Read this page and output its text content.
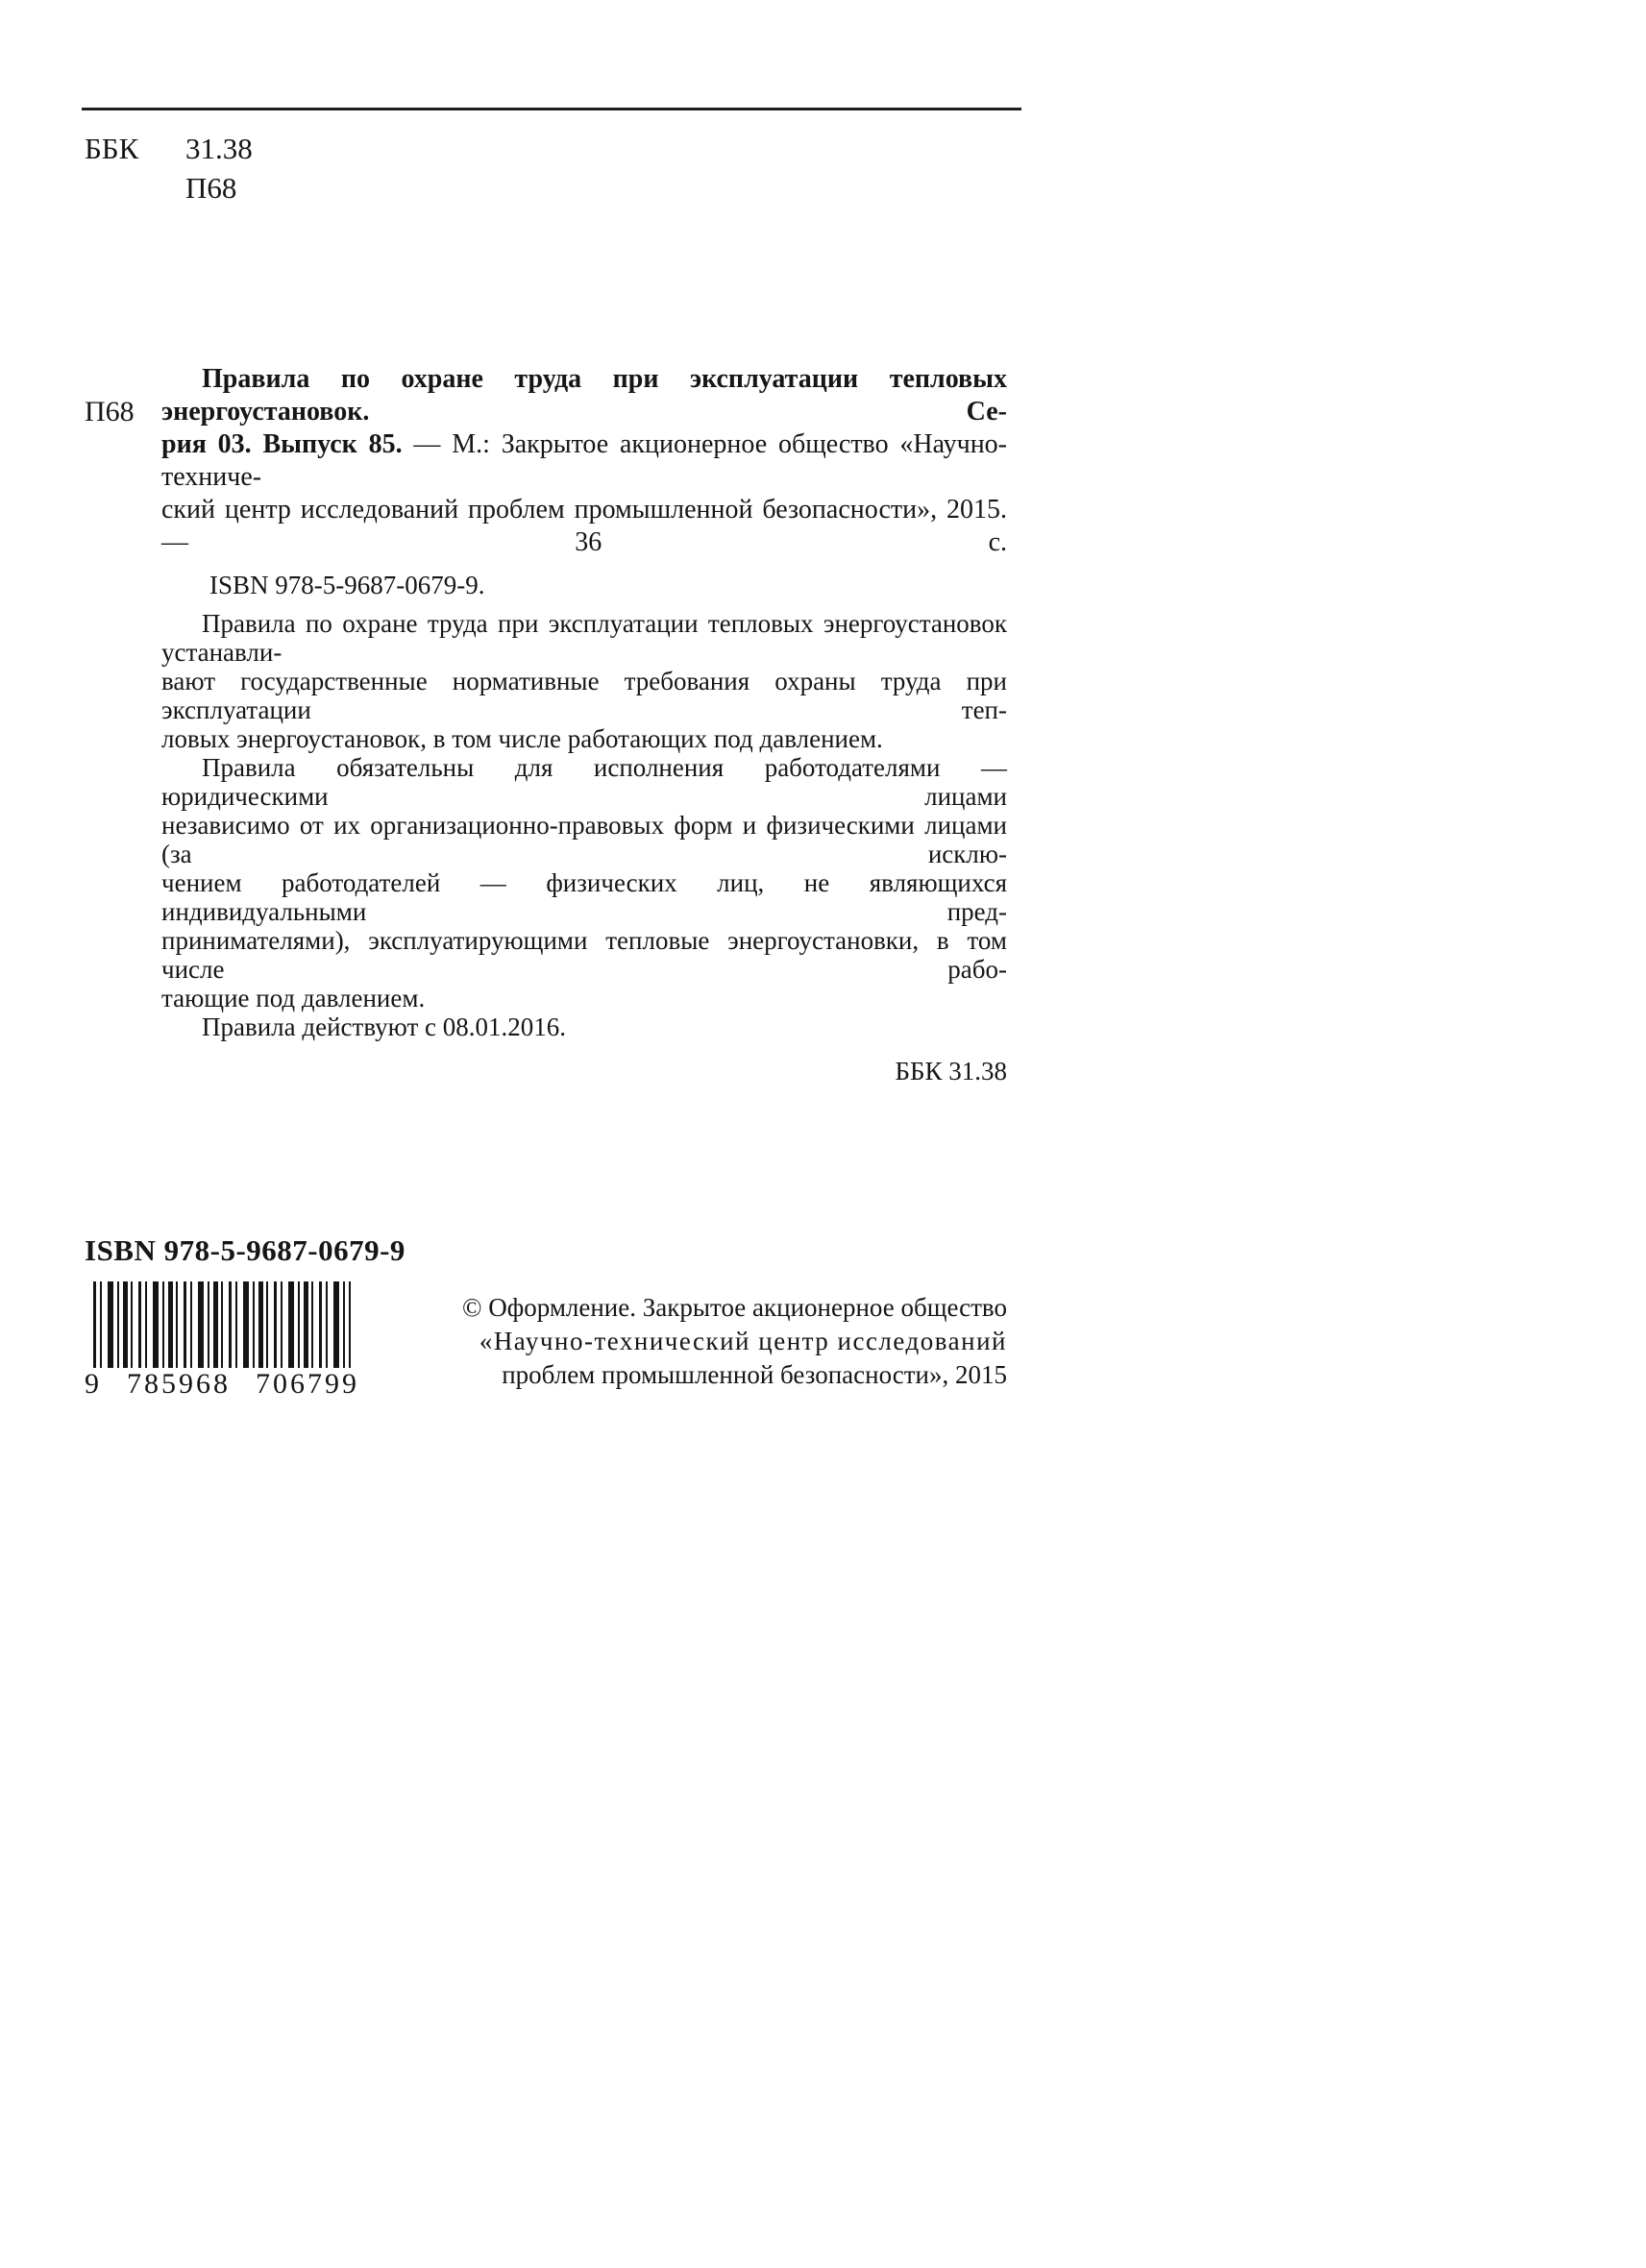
ББК 31.38
П68
П68
Правила по охране труда при эксплуатации тепловых энергоустановок. Се-
рия 03. Выпуск 85. — М.: Закрытое акционерное общество «Научно-техниче-
ский центр исследований проблем промышленной безопасности», 2015. — 36 с.
ISBN 978-5-9687-0679-9.
Правила по охране труда при эксплуатации тепловых энергоустановок устанавли-
вают государственные нормативные требования охраны труда при эксплуатации теп-
ловых энергоустановок, в том числе работающих под давлением.
Правила обязательны для исполнения работодателями — юридическими лицами
независимо от их организационно-правовых форм и физическими лицами (за исклю-
чением работодателей — физических лиц, не являющихся индивидуальными пред-
принимателями), эксплуатирующими тепловые энергоустановки, в том числе рабо-
тающие под давлением.
Правила действуют с 08.01.2016.
ББК 31.38
ISBN 978-5-9687-0679-9
9 785968 706799
© Оформление. Закрытое акционерное общество
«Научно-технический центр исследований
проблем промышленной безопасности», 2015
